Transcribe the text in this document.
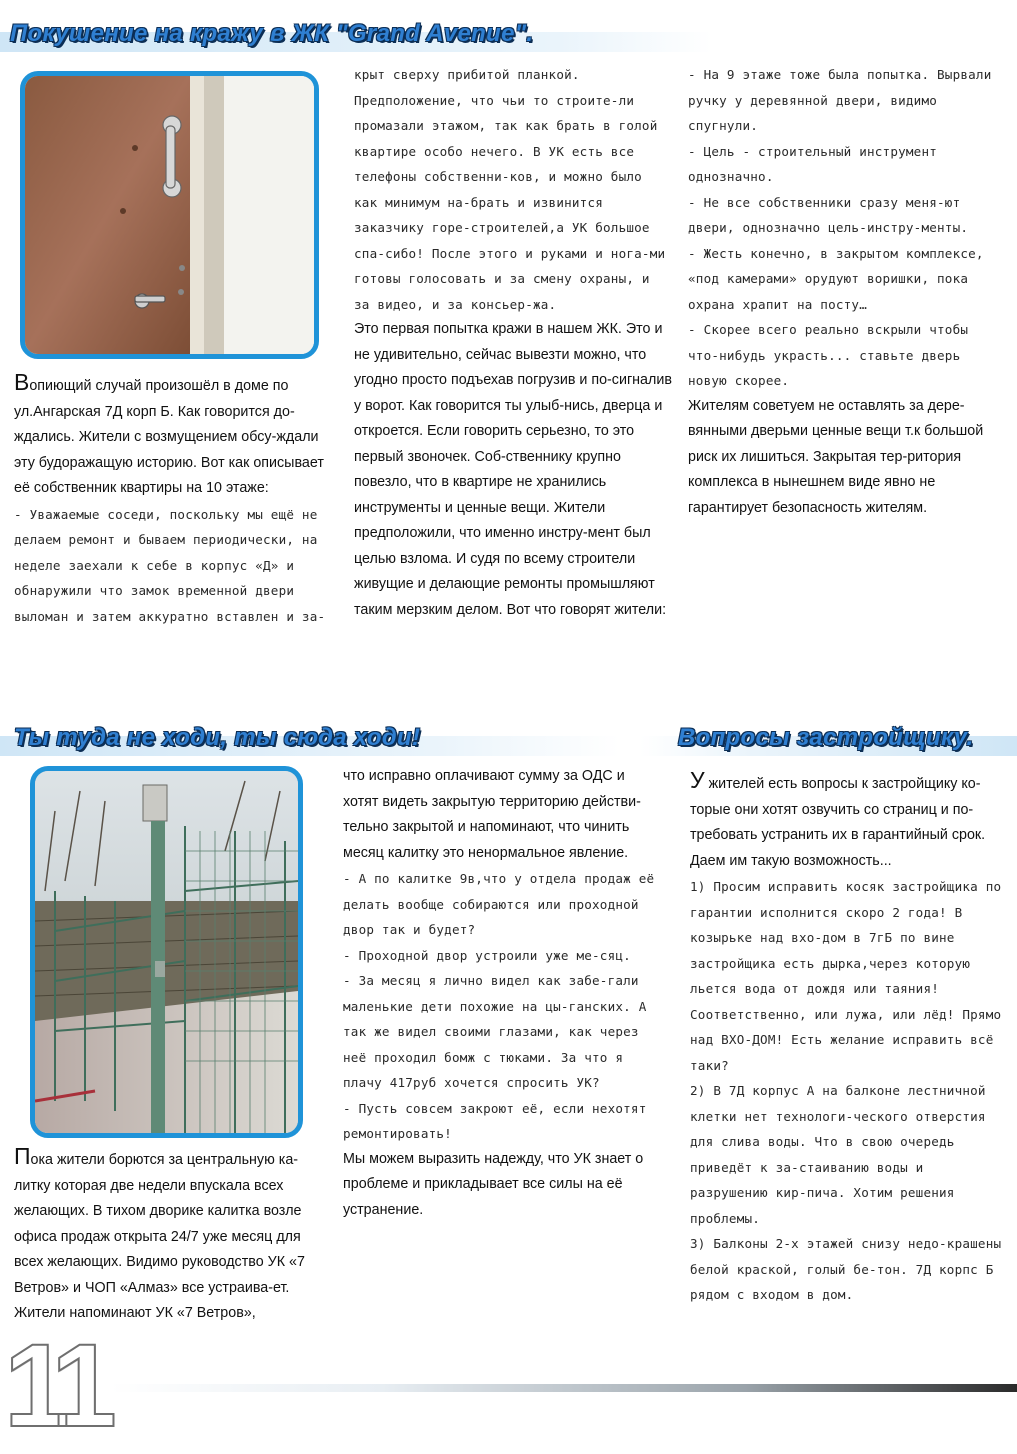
Покушение на кражу в ЖК "Grand Avenue".

Вопиющий случай произошёл в доме по ул.Ангарская 7Д корп Б. Как говорится до-ждались. Жители с возмущением обсу-ждали эту будоражащую историю. Вот как описывает её собственник квартиры на 10 этаже:

- Уважаемые соседи, поскольку мы ещё не делаем ремонт и бываем периодически, на неделе заехали к себе в корпус «Д» и обнаружили что замок временной двери выломан и затем аккуратно вставлен и за-

крыт сверху прибитой планкой. Предположение, что чьи то строите-ли промазали этажом, так как брать в голой квартире особо нечего. В УК есть все телефоны собственни-ков, и можно было как минимум на-брать и извинится заказчику горе-строителей,а УК большое спа-сибо! После этого и руками и нога-ми готовы голосовать и за смену охраны, и за видео, и за консьер-жа.

Это первая попытка кражи в нашем ЖК. Это и не удивительно, сейчас вывезти можно, что угодно просто подъехав погрузив и по-сигналив у ворот. Как говорится ты улыб-нись, дверца и откроется. Если говорить серьезно, то это первый звоночек. Соб-ственнику крупно повезло, что в квартире не хранились инструменты и ценные вещи. Жители предположили, что именно инстру-мент был целью взлома. И судя по всему строители живущие и делающие ремонты промышляют таким мерзким делом. Вот что говорят жители:

- На 9 этаже тоже была попытка. Вырвали ручку у деревянной двери, видимо спугнули.

- Цель - строительный инструмент однозначно.

- Не все собственники сразу меня-ют двери, однозначно цель-инстру-менты.

- Жесть конечно, в закрытом комплексе, «под камерами» орудуют воришки, пока охрана храпит на посту…

- Скорее всего реально вскрыли чтобы что-нибудь украсть... ставьте дверь новую скорее.

Жителям советуем не оставлять за дере-вянными дверьми ценные вещи т.к большой риск их лишиться. Закрытая тер-ритория комплекса в нынешнем виде явно не гарантирует безопасность жителям.

Ты туда не ходи, ты сюда ходи!	Вопросы застройщику.

Пока жители борются за центральную ка-литку которая две недели впускала всех желающих. В тихом дворике калитка возле офиса продаж открыта 24/7 уже месяц для всех желающих. Видимо руководство УК «7 Ветров» и ЧОП «Алмаз» все устраива-ет. Жители напоминают УК «7 Ветров»,

что исправно оплачивают сумму за ОДС и хотят видеть закрытую территорию действи-тельно закрытой и напоминают, что чинить месяц калитку это ненормальное явление.

- А по калитке 9в,что у отдела продаж её делать вообще собираются или проходной двор так и будет?

- Проходной двор устроили уже ме-сяц.

- За месяц я лично видел как забе-гали маленькие дети похожие на цы-ганских. А так же видел своими глазами, как через неё проходил бомж с тюками. За что я плачу 417руб хочется спросить УК?

- Пусть совсем закроют её, если нехотят ремонтировать!

Мы можем выразить надежду, что УК знает о проблеме и прикладывает все силы на её устранение.

У жителей есть вопросы к застройщику ко-торые они хотят озвучить со страниц и по-требовать устранить их в гарантийный срок. Даем им такую возможность...

1) Просим исправить косяк застройщика по гарантии исполнится скоро 2 года! В козырьке над вхо-дом в 7гБ по вине застройщика есть дырка,через которую льется вода от дождя или таяния! Соответственно, или лужа, или лёд! Прямо над ВХО-ДОМ! Есть желание исправить всё таки?

2) В 7Д корпус А на балконе лестничной клетки нет технологи-ческого отверстия для слива воды. Что в свою очередь приведёт к за-стаиванию воды и разрушению кир-пича. Хотим решения проблемы.

3) Балконы 2-х этажей снизу недо-крашены белой краской, голый бе-тон. 7Д корпс Б рядом с входом в дом.

11
